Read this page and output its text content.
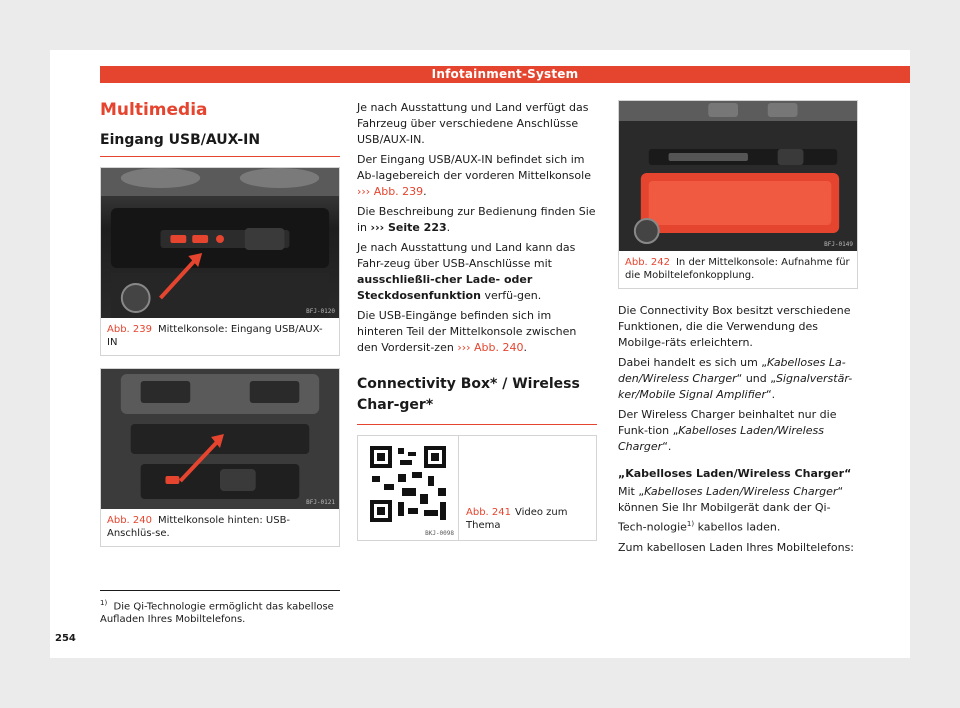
Infotainment-System
Multimedia
Eingang USB/AUX-IN
BFJ-0120
Abb. 239 Mittelkonsole: Eingang USB/AUX-IN
BFJ-0121
Abb. 240 Mittelkonsole hinten: USB-Anschlüs-se.

Je nach Ausstattung und Land verfügt das Fahrzeug über verschiedene Anschlüsse USB/AUX-IN.

Der Eingang USB/AUX-IN befindet sich im Ab-lagebereich der vorderen Mittelkonsole ››› Abb. 239.

Die Beschreibung zur Bedienung finden Sie in ››› Seite 223.

Je nach Ausstattung und Land kann das Fahr-zeug über USB-Anschlüsse mit ausschließli-cher Lade- oder Steckdosenfunktion verfü-gen.

Die USB-Eingänge befinden sich im hinteren Teil der Mittelkonsole zwischen den Vordersit-zen ››› Abb. 240.

Connectivity Box* / Wireless Char-ger*
BKJ-0098
Abb. 241 Video zum Thema
BFJ-0149
Abb. 242 In der Mittelkonsole: Aufnahme für die Mobiltelefonkopplung.

Die Connectivity Box besitzt verschiedene Funktionen, die die Verwendung des Mobilge-räts erleichtern.

Dabei handelt es sich um „Kabelloses La-den/Wireless Charger“ und „Signalverstär-ker/Mobile Signal Amplifier“.

Der Wireless Charger beinhaltet nur die Funk-tion „Kabelloses Laden/Wireless Charger“.

„Kabelloses Laden/Wireless Charger“

Mit „Kabelloses Laden/Wireless Charger“ können Sie Ihr Mobilgerät dank der Qi-Tech-nologie$^{1)}$ kabellos laden.

Zum kabellosen Laden Ihres Mobiltelefons:

$^{1)}$ Die Qi-Technologie ermöglicht das kabellose Aufladen Ihres Mobiltelefons.
254
